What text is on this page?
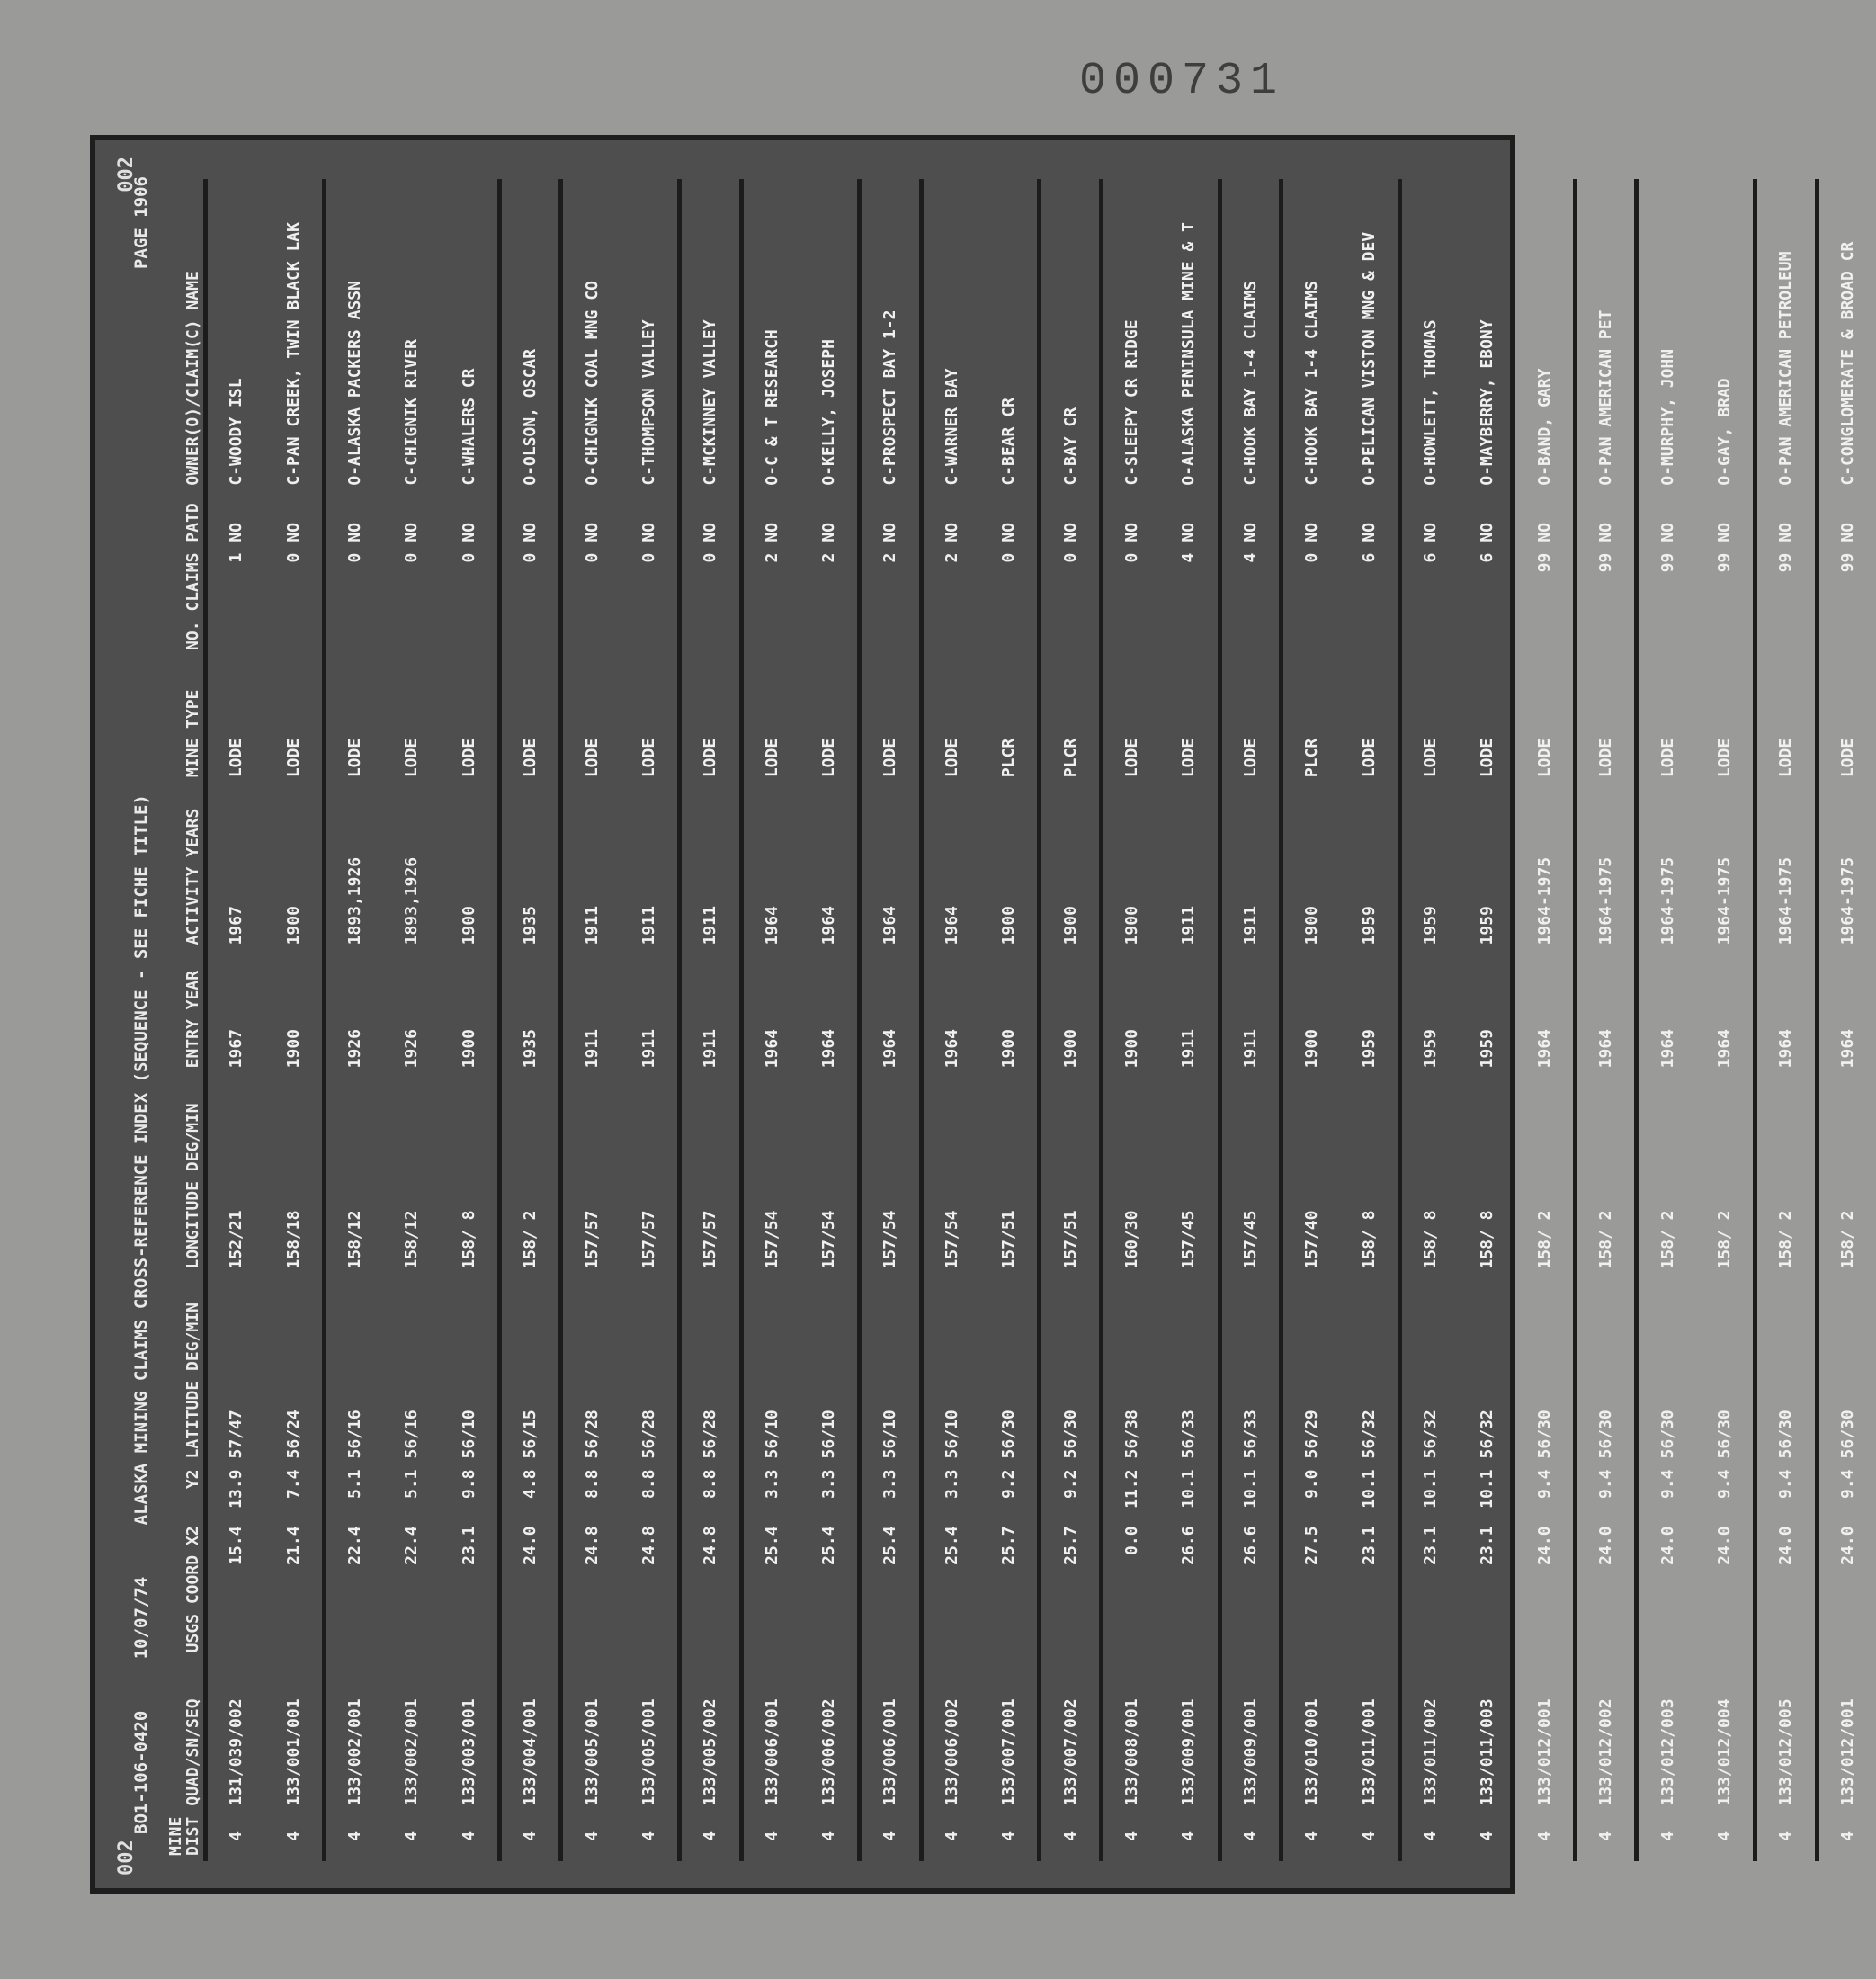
000731
002
002
BO1-106-0420 10/07/74 ALASKA MINING CLAIMS CROSS-REFERENCE INDEX (SEQUENCE - SEE FICHE TITLE)
PAGE 1906
MINE DIST	QUAD/SN/SEQ	USGS COORD X2	Y2	LATITUDE DEG/MIN	LONGITUDE DEG/MIN	ENTRY YEAR	ACTIVITY YEARS	MINE TYPE	NO. CLAIMS	PATD	OWNER(O)/CLAIM(C) NAME
4	131/039/002	15.4	13.9	57/47	152/21	1967	1967	LODE	1	NO	C-WOODY ISL
4	133/001/001	21.4	7.4	56/24	158/18	1900	1900	LODE	0	NO	C-PAN CREEK, TWIN BLACK LAK
4	133/002/001	22.4	5.1	56/16	158/12	1926	1893,1926	LODE	0	NO	O-ALASKA PACKERS ASSN
4	133/002/001	22.4	5.1	56/16	158/12	1926	1893,1926	LODE	0	NO	C-CHIGNIK RIVER
4	133/003/001	23.1	9.8	56/10	158/ 8	1900	1900	LODE	0	NO	C-WHALERS CR
4	133/004/001	24.0	4.8	56/15	158/ 2	1935	1935	LODE	0	NO	O-OLSON, OSCAR
4	133/005/001	24.8	8.8	56/28	157/57	1911	1911	LODE	0	NO	O-CHIGNIK COAL MNG CO
4	133/005/001	24.8	8.8	56/28	157/57	1911	1911	LODE	0	NO	C-THOMPSON VALLEY
4	133/005/002	24.8	8.8	56/28	157/57	1911	1911	LODE	0	NO	C-MCKINNEY VALLEY
4	133/006/001	25.4	3.3	56/10	157/54	1964	1964	LODE	2	NO	O-C & T RESEARCH
4	133/006/002	25.4	3.3	56/10	157/54	1964	1964	LODE	2	NO	O-KELLY, JOSEPH
4	133/006/001	25.4	3.3	56/10	157/54	1964	1964	LODE	2	NO	C-PROSPECT BAY 1-2
4	133/006/002	25.4	3.3	56/10	157/54	1964	1964	LODE	2	NO	C-WARNER BAY
4	133/007/001	25.7	9.2	56/30	157/51	1900	1900	PLCR	0	NO	C-BEAR CR
4	133/007/002	25.7	9.2	56/30	157/51	1900	1900	PLCR	0	NO	C-BAY CR
4	133/008/001	0.0	11.2	56/38	160/30	1900	1900	LODE	0	NO	C-SLEEPY CR RIDGE
4	133/009/001	26.6	10.1	56/33	157/45	1911	1911	LODE	4	NO	O-ALASKA PENINSULA MINE & T
4	133/009/001	26.6	10.1	56/33	157/45	1911	1911	LODE	4	NO	C-HOOK BAY 1-4 CLAIMS
4	133/010/001	27.5	9.0	56/29	157/40	1900	1900	PLCR	0	NO	C-HOOK BAY 1-4 CLAIMS
4	133/011/001	23.1	10.1	56/32	158/ 8	1959	1959	LODE	6	NO	O-PELICAN VISTON MNG & DEV
4	133/011/002	23.1	10.1	56/32	158/ 8	1959	1959	LODE	6	NO	O-HOWLETT, THOMAS
4	133/011/003	23.1	10.1	56/32	158/ 8	1959	1959	LODE	6	NO	O-MAYBERRY, EBONY
4	133/012/001	24.0	9.4	56/30	158/ 2	1964	1964-1975	LODE	99	NO	O-BAND, GARY
4	133/012/002	24.0	9.4	56/30	158/ 2	1964	1964-1975	LODE	99	NO	O-PAN AMERICAN PET
4	133/012/003	24.0	9.4	56/30	158/ 2	1964	1964-1975	LODE	99	NO	O-MURPHY, JOHN
4	133/012/004	24.0	9.4	56/30	158/ 2	1964	1964-1975	LODE	99	NO	O-GAY, BRAD
4	133/012/005	24.0	9.4	56/30	158/ 2	1964	1964-1975	LODE	99	NO	O-PAN AMERICAN PETROLEUM
4	133/012/001	24.0	9.4	56/30	158/ 2	1964	1964-1975	LODE	99	NO	C-CONGLOMERATE & BROAD CR
